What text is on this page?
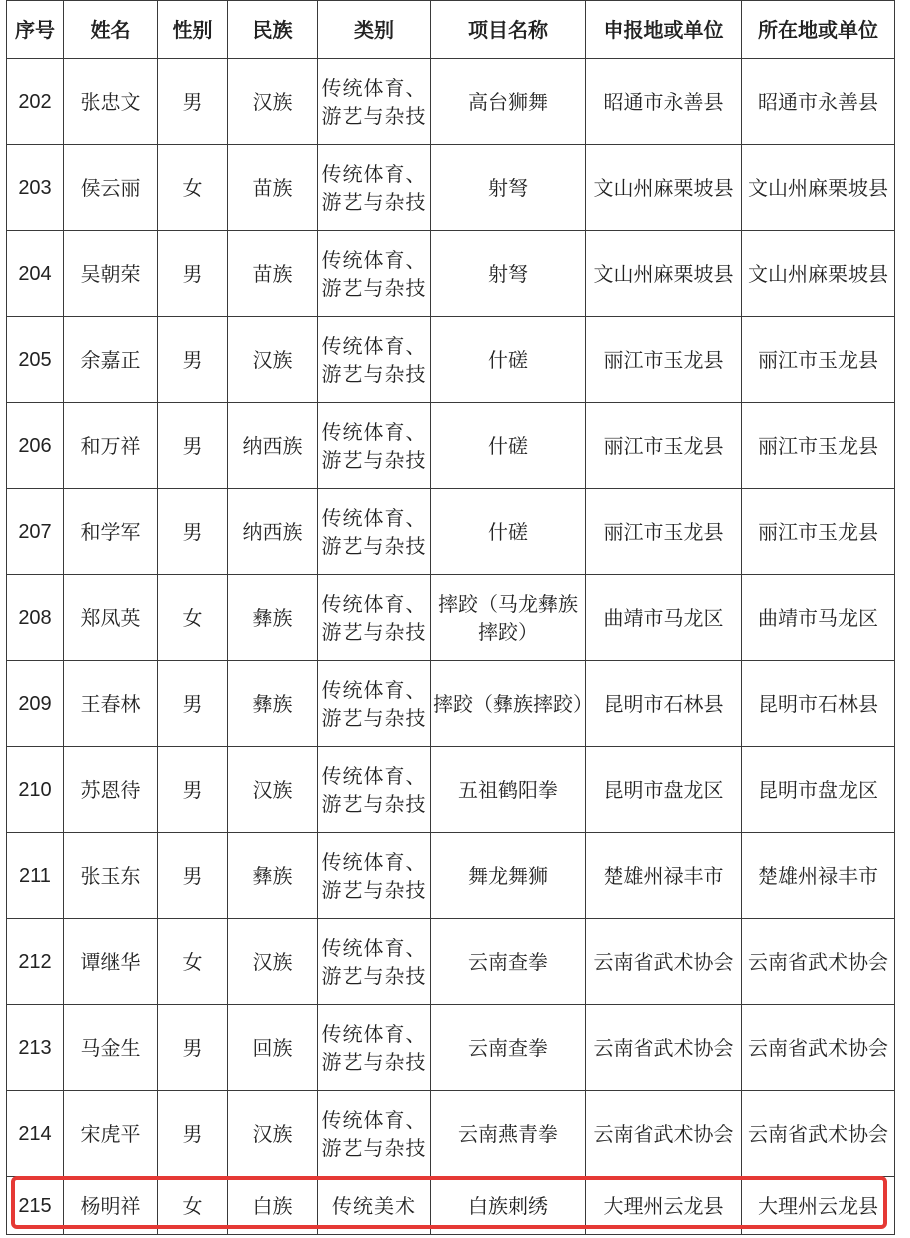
序号	姓名	性别	民族	类别	项目名称	申报地或单位	所在地或单位
202	张忠文	男	汉族	传统体育、游艺与杂技	高台狮舞	昭通市永善县	昭通市永善县
203	侯云丽	女	苗族	传统体育、游艺与杂技	射弩	文山州麻栗坡县	文山州麻栗坡县
204	吴朝荣	男	苗族	传统体育、游艺与杂技	射弩	文山州麻栗坡县	文山州麻栗坡县
205	余嘉正	男	汉族	传统体育、游艺与杂技	什磋	丽江市玉龙县	丽江市玉龙县
206	和万祥	男	纳西族	传统体育、游艺与杂技	什磋	丽江市玉龙县	丽江市玉龙县
207	和学军	男	纳西族	传统体育、游艺与杂技	什磋	丽江市玉龙县	丽江市玉龙县
208	郑凤英	女	彝族	传统体育、游艺与杂技	摔跤（马龙彝族摔跤）	曲靖市马龙区	曲靖市马龙区
209	王春林	男	彝族	传统体育、游艺与杂技	摔跤（彝族摔跤）	昆明市石林县	昆明市石林县
210	苏恩待	男	汉族	传统体育、游艺与杂技	五祖鹤阳拳	昆明市盘龙区	昆明市盘龙区
211	张玉东	男	彝族	传统体育、游艺与杂技	舞龙舞狮	楚雄州禄丰市	楚雄州禄丰市
212	谭继华	女	汉族	传统体育、游艺与杂技	云南查拳	云南省武术协会	云南省武术协会
213	马金生	男	回族	传统体育、游艺与杂技	云南查拳	云南省武术协会	云南省武术协会
214	宋虎平	男	汉族	传统体育、游艺与杂技	云南燕青拳	云南省武术协会	云南省武术协会
215	杨明祥	女	白族	传统美术	白族刺绣	大理州云龙县	大理州云龙县
